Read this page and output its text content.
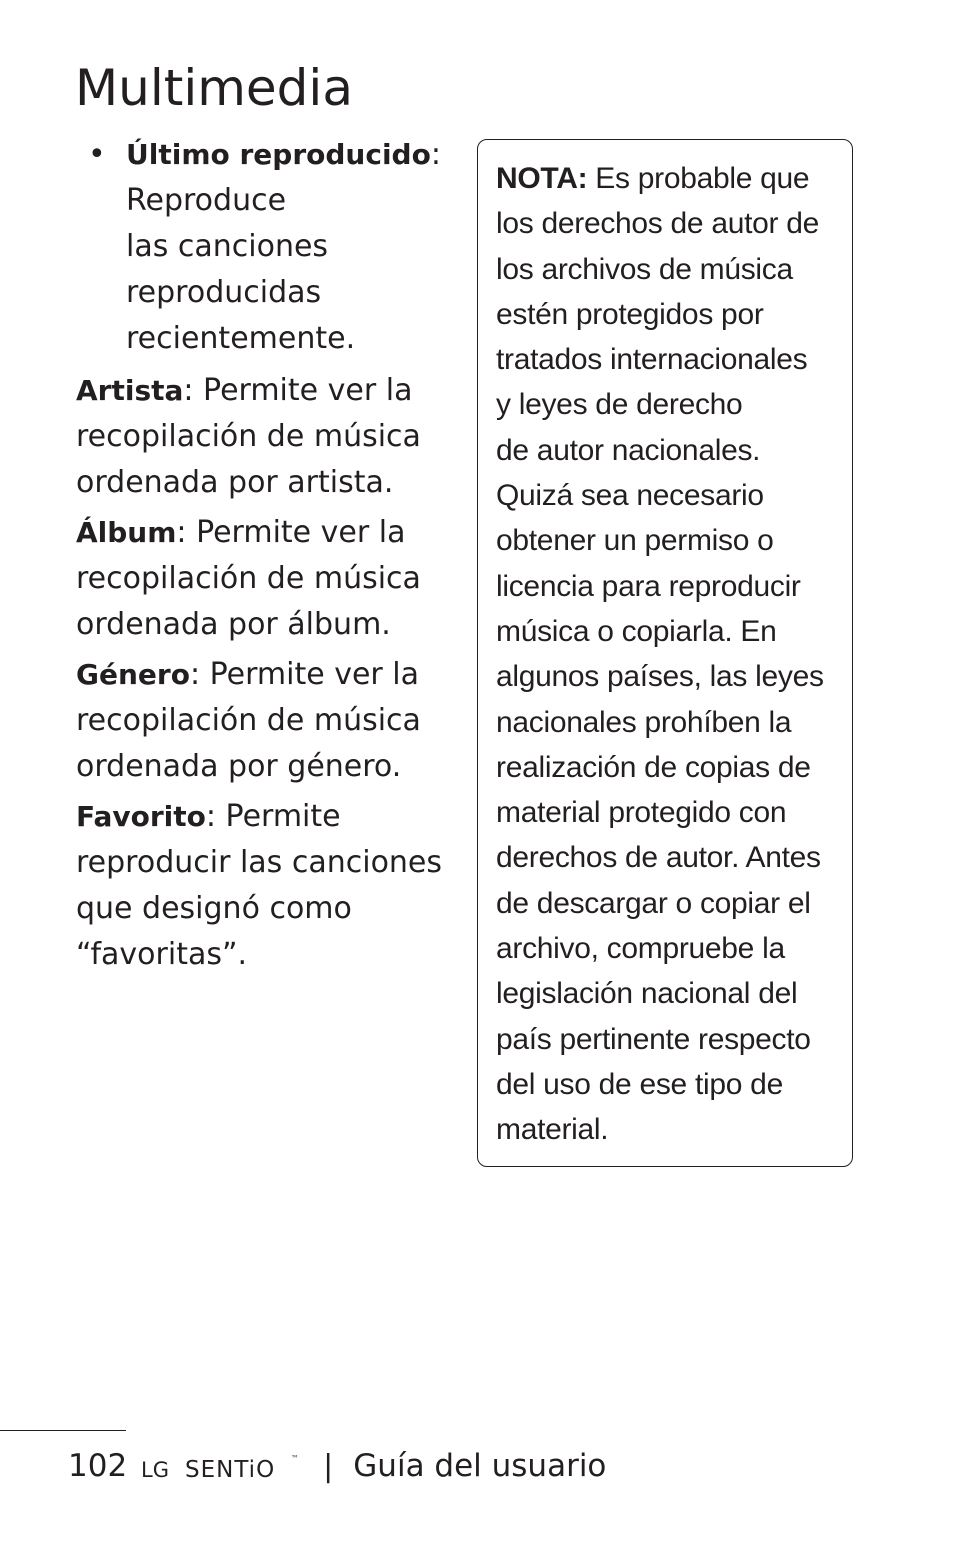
Multimedia
• Último reproducido:
Reproduce
las canciones
reproducidas
recientemente.
Artista: Permite ver la recopilación de música ordenada por artista.
Álbum: Permite ver la recopilación de música ordenada por álbum.
Género: Permite ver la recopilación de música ordenada por género.
Favorito: Permite reproducir las canciones que designó como “favoritas”.
NOTA: Es probable que
los derechos de autor de
los archivos de música
estén protegidos por
tratados internacionales
y leyes de derecho
de autor nacionales.
Quizá sea necesario
obtener un permiso o
licencia para reproducir
música o copiarla. En
algunos países, las leyes
nacionales prohíben la
realización de copias de
material protegido con
derechos de autor. Antes
de descargar o copiar el
archivo, compruebe la
legislación nacional del
país pertinente respecto
del uso de ese tipo de
material.
102 LG SENTiO ™ | Guía del usuario
